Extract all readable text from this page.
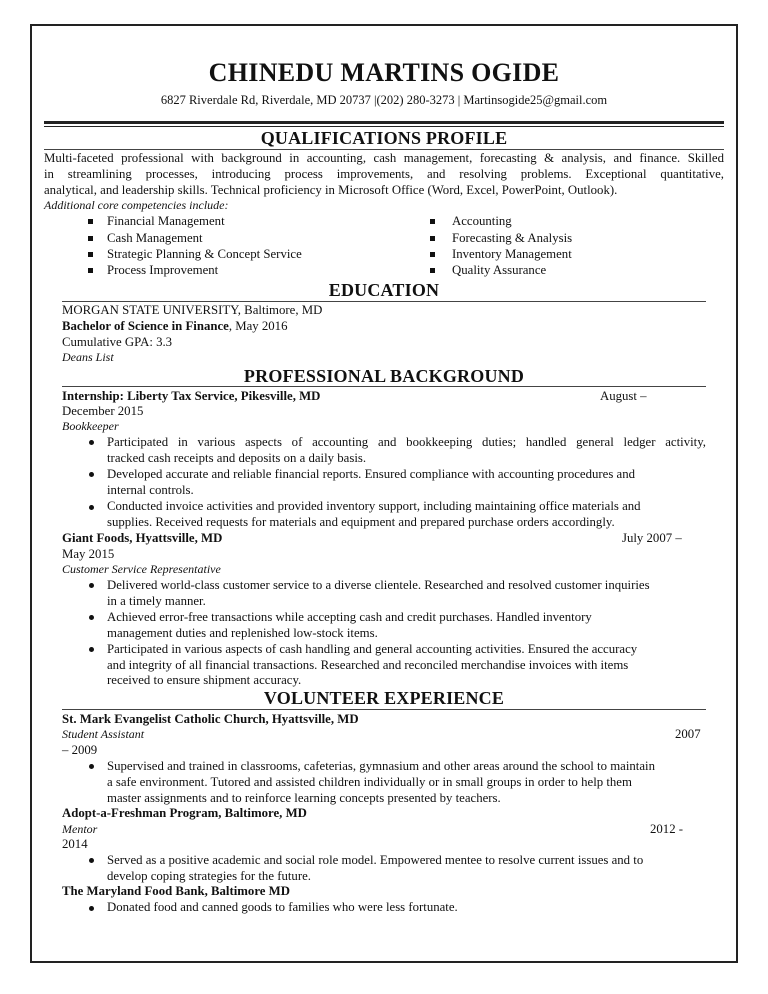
CHINEDU MARTINS OGIDE
6827 Riverdale Rd, Riverdale, MD 20737 |(202) 280-3273 | Martinsogide25@gmail.com
QUALIFICATIONS PROFILE
Multi-faceted professional with background in accounting, cash management, forecasting & analysis, and finance. Skilled
in streamlining processes, introducing process improvements, and resolving problems. Exceptional quantitative,
analytical, and leadership skills. Technical proficiency in Microsoft Office (Word, Excel, PowerPoint, Outlook).
Additional core competencies include:
Financial Management
Cash Management
Strategic Planning & Concept Service
Process Improvement
Accounting
Forecasting & Analysis
Inventory Management
Quality Assurance
EDUCATION
MORGAN STATE UNIVERSITY, Baltimore, MD
Bachelor of Science in Finance, May 2016
Cumulative GPA: 3.3
Deans List
PROFESSIONAL BACKGROUND
Internship: Liberty Tax Service, Pikesville, MD	August –
December 2015
Bookkeeper
Participated in various aspects of accounting and bookkeeping duties; handled general ledger activity,
tracked cash receipts and deposits on a daily basis.
Developed accurate and reliable financial reports. Ensured compliance with accounting procedures and
internal controls.
Conducted invoice activities and provided inventory support, including maintaining office materials and
supplies. Received requests for materials and equipment and prepared purchase orders accordingly.
Giant Foods, Hyattsville, MD	July 2007 –
May 2015
Customer Service Representative
Delivered world-class customer service to a diverse clientele. Researched and resolved customer inquiries
in a timely manner.
Achieved error-free transactions while accepting cash and credit purchases. Handled inventory
management duties and replenished low-stock items.
Participated in various aspects of cash handling and general accounting activities. Ensured the accuracy
and integrity of all financial transactions. Researched and reconciled merchandise invoices with items
received to ensure shipment accuracy.
VOLUNTEER EXPERIENCE
St. Mark Evangelist Catholic Church, Hyattsville, MD
Student Assistant	2007
– 2009
Supervised and trained in classrooms, cafeterias, gymnasium and other areas around the school to maintain
a safe environment. Tutored and assisted children individually or in small groups in order to help them
master assignments and to reinforce learning concepts presented by teachers.
Adopt-a-Freshman Program, Baltimore, MD
Mentor	2012 -
2014
Served as a positive academic and social role model. Empowered mentee to resolve current issues and to
develop coping strategies for the future.
The Maryland Food Bank, Baltimore MD
Donated food and canned goods to families who were less fortunate.
